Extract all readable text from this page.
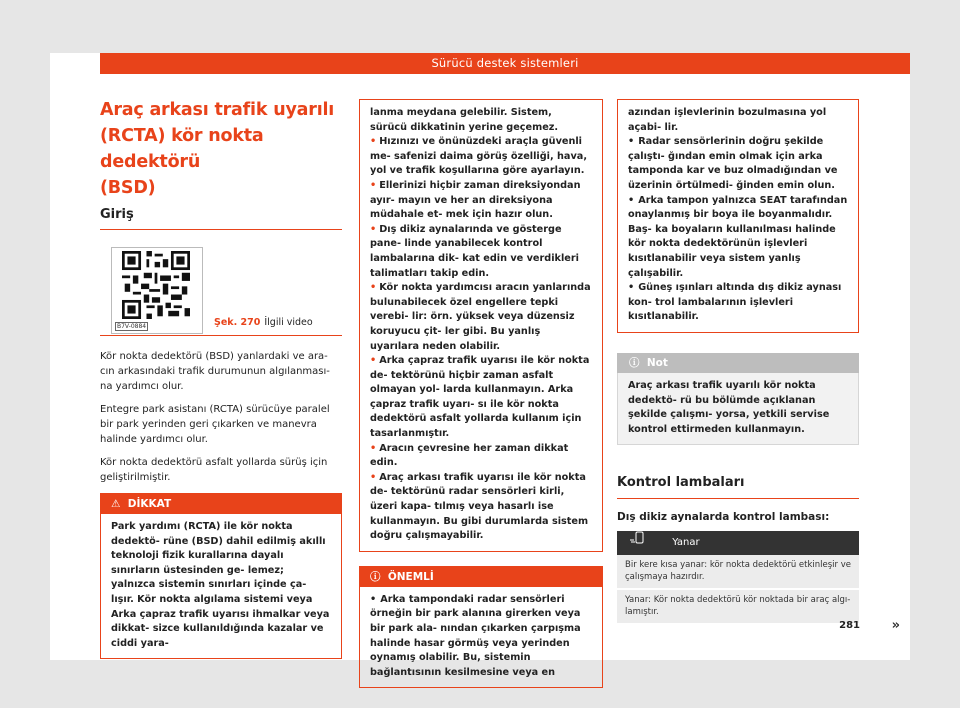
Sürücü destek sistemleri
Araç arkası trafik uyarılı
(RCTA) kör nokta dedektörü
(BSD)
Giriş
B7V-0884	Şek. 270 İlgili video

Kör nokta dedektörü (BSD) yanlardaki ve ara- cın arkasındaki trafik durumunun algılanması- na yardımcı olur.

Entegre park asistanı (RCTA) sürücüye paralel bir park yerinden geri çıkarken ve manevra halinde yardımcı olur.

Kör nokta dedektörü asfalt yollarda sürüş için geliştirilmiştir.

⚠ DİKKAT

Park yardımı (RCTA) ile kör nokta dedektö- rüne (BSD) dahil edilmiş akıllı teknoloji fizik kurallarına dayalı sınırların üstesinden ge- lemez; yalnızca sistemin sınırları içinde ça- lışır. Kör nokta algılama sistemi veya Arka çapraz trafik uyarısı ihmalkar veya dikkat- sizce kullanıldığında kazalar ve ciddi yara-

lanma meydana gelebilir. Sistem, sürücü dikkatinin yerine geçemez.

• Hızınızı ve önünüzdeki araçla güvenli me- safenizi daima görüş özelliği, hava, yol ve trafik koşullarına göre ayarlayın.

• Ellerinizi hiçbir zaman direksiyondan ayır- mayın ve her an direksiyona müdahale et- mek için hazır olun.

• Dış dikiz aynalarında ve gösterge pane- linde yanabilecek kontrol lambalarına dik- kat edin ve verdikleri talimatları takip edin.

• Kör nokta yardımcısı aracın yanlarında bulunabilecek özel engellere tepki verebi- lir: örn. yüksek veya düzensiz koruyucu çit- ler gibi. Bu yanlış uyarılara neden olabilir.

• Arka çapraz trafik uyarısı ile kör nokta de- tektörünü hiçbir zaman asfalt olmayan yol- larda kullanmayın. Arka çapraz trafik uyarı- sı ile kör nokta dedektörü asfalt yollarda kullanım için tasarlanmıştır.

• Aracın çevresine her zaman dikkat edin.

• Araç arkası trafik uyarısı ile kör nokta de- tektörünü radar sensörleri kirli, üzeri kapa- tılmış veya hasarlı ise kullanmayın. Bu gibi durumlarda sistem doğru çalışmayabilir.

ⓘ ÖNEMLİ

• Arka tampondaki radar sensörleri örneğin bir park alanına girerken veya bir park ala- nından çıkarken çarpışma halinde hasar görmüş veya yerinden oynamış olabilir. Bu, sistemin bağlantısının kesilmesine veya en

azından işlevlerinin bozulmasına yol açabi- lir.

• Radar sensörlerinin doğru şekilde çalıştı- ğından emin olmak için arka tamponda kar ve buz olmadığından ve üzerinin örtülmedi- ğinden emin olun.

• Arka tampon yalnızca SEAT tarafından onaylanmış bir boya ile boyanmalıdır. Baş- ka boyaların kullanılması halinde kör nokta dedektörünün işlevleri kısıtlanabilir veya sistem yanlış çalışabilir.

• Güneş ışınları altında dış dikiz aynası kon- trol lambalarının işlevleri kısıtlanabilir.

ⓘ Not

Araç arkası trafik uyarılı kör nokta dedektö- rü bu bölümde açıklanan şekilde çalışmı- yorsa, yetkili servise kontrol ettirmeden kullanmayın.

Kontrol lambaları
Dış dikiz aynalarda kontrol lambası:
Yanar
Bir kere kısa yanar: kör nokta dedektörü etkinleşir ve çalışmaya hazırdır.
Yanar: Kör nokta dedektörü kör noktada bir araç algı- lamıştır.
»
281
